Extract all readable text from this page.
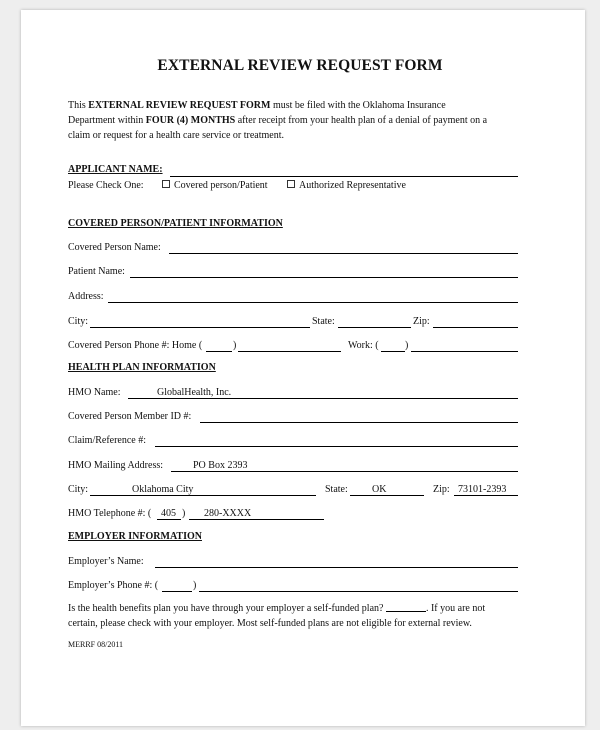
EXTERNAL REVIEW REQUEST FORM
This EXTERNAL REVIEW REQUEST FORM must be filed with the Oklahoma Insurance
Department within FOUR (4) MONTHS after receipt from your health plan of a denial of payment on a
claim or request for a health care service or treatment.
APPLICANT NAME:
Please Check One:	Covered person/Patient	Authorized Representative
COVERED PERSON/PATIENT INFORMATION
Covered Person Name:
Patient Name:
Address:
City:	State:	Zip:
Covered Person Phone #: Home (	)	Work: (	)
HEALTH PLAN INFORMATION
HMO Name:	GlobalHealth, Inc.
Covered Person Member ID #:
Claim/Reference #:
HMO Mailing Address:	PO Box 2393
City:	Oklahoma City	State: OK	Zip: 73101-2393
HMO Telephone #: ( 405 ) 280-XXXX
EMPLOYER INFORMATION
Employer’s Name:
Employer’s Phone #: (	)
Is the health benefits plan you have through your employer a self-funded plan?	. If you are not
certain, please check with your employer. Most self-funded plans are not eligible for external review.
MERRF 08/2011
